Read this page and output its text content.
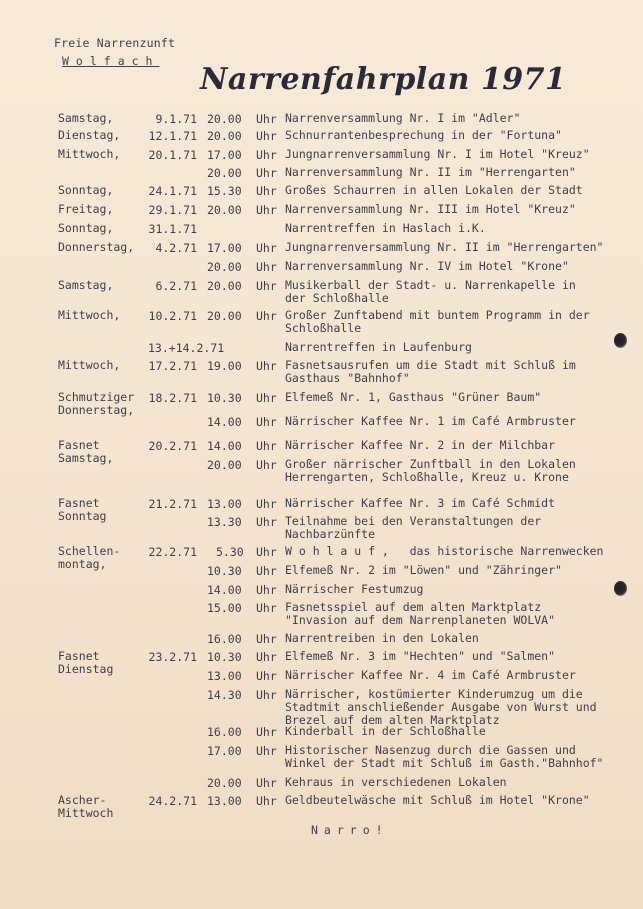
Freie Narrenzunft
Wolfach
Narrenfahrplan 1971
Samstag,	9.1.71 20.00 Uhr Narrenversammlung Nr. I im "Adler"
Dienstag, 12.1.71 20.00 Uhr Schnurrantenbesprechung in der "Fortuna"
Mittwoch, 20.1.71 17.00 Uhr Jungnarrenversammlung Nr. I im Hotel "Kreuz"
20.00 Uhr Narrenversammlung Nr. II im "Herrengarten"
Sonntag,	24.1.71 15.30 Uhr Großes Schaurren in allen Lokalen der Stadt
Freitag,	29.1.71 20.00 Uhr Narrenversammlung Nr. III im Hotel "Kreuz"
Sonntag,	31.1.71	Narrentreffen in Haslach i.K.
Donnerstag, 4.2.71 17.00 Uhr Jungnarrenversammlung Nr. II im "Herrengarten"
20.00 Uhr Narrenversammlung Nr. IV im Hotel "Krone"
Samstag,	6.2.71 20.00 Uhr Musikerball der Stadt- u. Narrenkapelle in
der Schloßhalle
Mittwoch, 10.2.71 20.00 Uhr Großer Zunftabend mit buntem Programm in der
Schloßhalle
13.+14.2.71	Narrentreffen in Laufenburg
Mittwoch, 17.2.71 19.00 Uhr Fasnetsausrufen um die Stadt mit Schluß im
Gasthaus "Bahnhof"
Schmutziger
Donnerstag,
18.2.71 10.30 Uhr Elfemeß Nr. 1, Gasthaus "Grüner Baum"
14.00 Uhr Närrischer Kaffee Nr. 1 im Café Armbruster
Fasnet
Samstag,
20.2.71 14.00 Uhr Närrischer Kaffee Nr. 2 in der Milchbar
20.00 Uhr Großer närrischer Zunftball in den Lokalen
Herrengarten, Schloßhalle, Kreuz u. Krone
Fasnet
Sonntag
21.2.71 13.00 Uhr Närrischer Kaffee Nr. 3 im Café Schmidt
13.30 Uhr Teilnahme bei den Veranstaltungen der
Nachbarzünfte
Schellen-
montag,
22.2.71 5.30 Uhr W o h l a u f ,   das historische Narrenwecken
10.30 Uhr Elfemeß Nr. 2 im "Löwen" und "Zähringer"
14.00 Uhr Närrischer Festumzug
15.00 Uhr Fasnetsspiel auf dem alten Marktplatz
"Invasion auf dem Narrenplaneten WOLVA"
16.00 Uhr Narrentreiben in den Lokalen
Fasnet
Dienstag
23.2.71 10.30 Uhr Elfemeß Nr. 3 im "Hechten" und "Salmen"
13.00 Uhr Närrischer Kaffee Nr. 4 im Café Armbruster
14.30 Uhr Närrischer, kostümierter Kinderumzug um die
Stadtmit anschließender Ausgabe von Wurst und
Brezel auf dem alten Marktplatz
16.00 Uhr Kinderball in der Schloßhalle
17.00 Uhr Historischer Nasenzug durch die Gassen und
Winkel der Stadt mit Schluß im Gasth."Bahnhof"
20.00 Uhr Kehraus in verschiedenen Lokalen
Ascher-
Mittwoch
24.2.71 13.00 Uhr Geldbeutelwäsche mit Schluß im Hotel "Krone"
Narro!
